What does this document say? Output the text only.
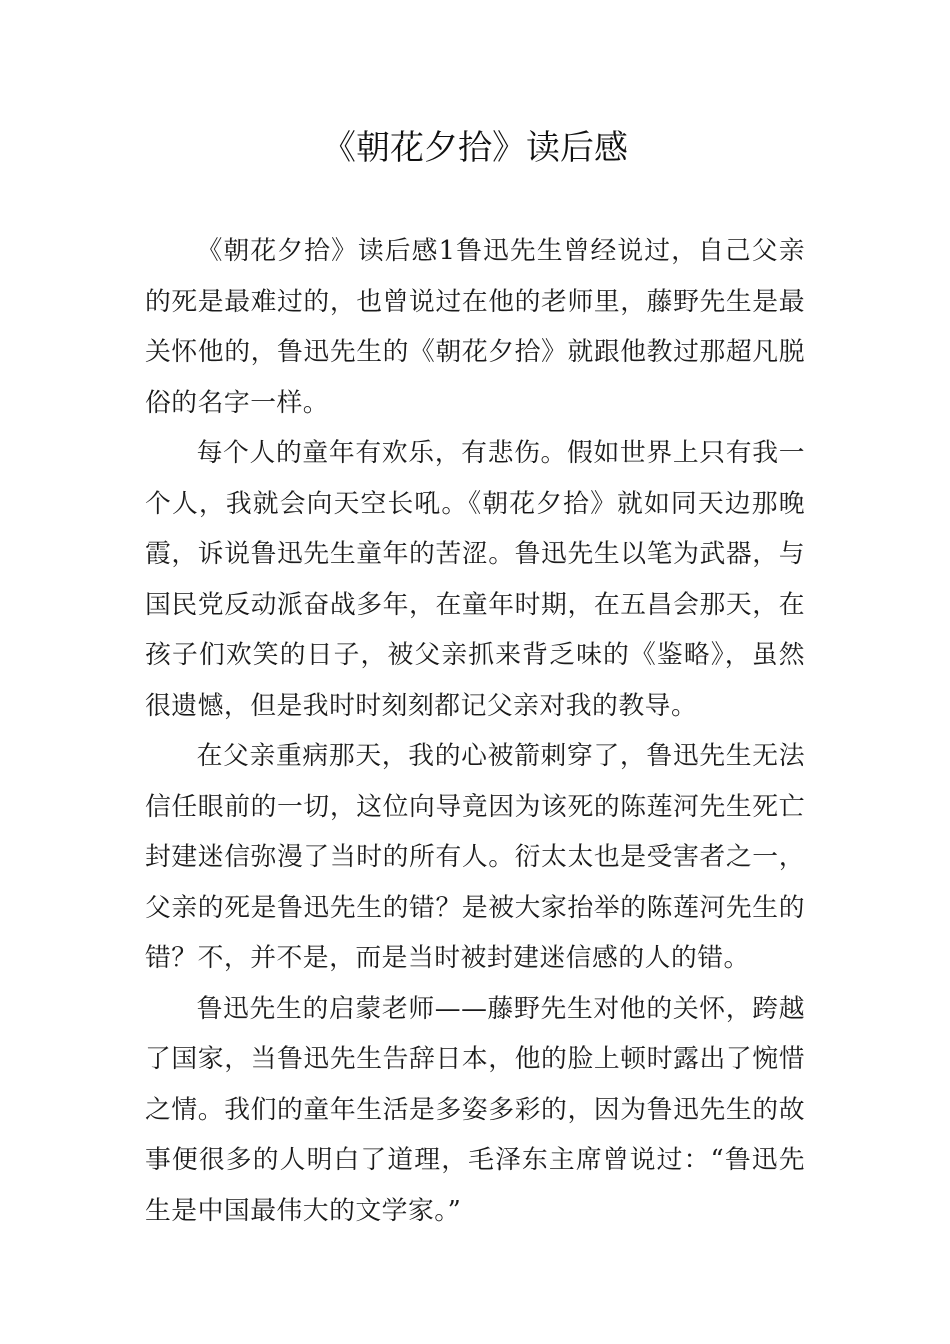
《朝花夕拾》读后感

《朝花夕拾》读后感1鲁迅先生曾经说过，自己父亲的死是最难过的，也曾说过在他的老师里，藤野先生是最关怀他的，鲁迅先生的《朝花夕拾》就跟他教过那超凡脱俗的名字一样。

每个人的童年有欢乐，有悲伤。假如世界上只有我一个人，我就会向天空长吼。《朝花夕拾》就如同天边那晚霞，诉说鲁迅先生童年的苦涩。鲁迅先生以笔为武器，与国民党反动派奋战多年，在童年时期，在五昌会那天，在孩子们欢笑的日子，被父亲抓来背乏味的《鉴略》，虽然很遗憾，但是我时时刻刻都记父亲对我的教导。

在父亲重病那天，我的心被箭刺穿了，鲁迅先生无法信任眼前的一切，这位向导竟因为该死的陈莲河先生死亡封建迷信弥漫了当时的所有人。衍太太也是受害者之一，父亲的死是鲁迅先生的错？是被大家抬举的陈莲河先生的错？不，并不是，而是当时被封建迷信感的人的错。

鲁迅先生的启蒙老师——藤野先生对他的关怀，跨越了国家，当鲁迅先生告辞日本，他的脸上顿时露出了惋惜之情。我们的童年生活是多姿多彩的，因为鲁迅先生的故事便很多的人明白了道理，毛泽东主席曾说过：“鲁迅先生是中国最伟大的文学家。”
